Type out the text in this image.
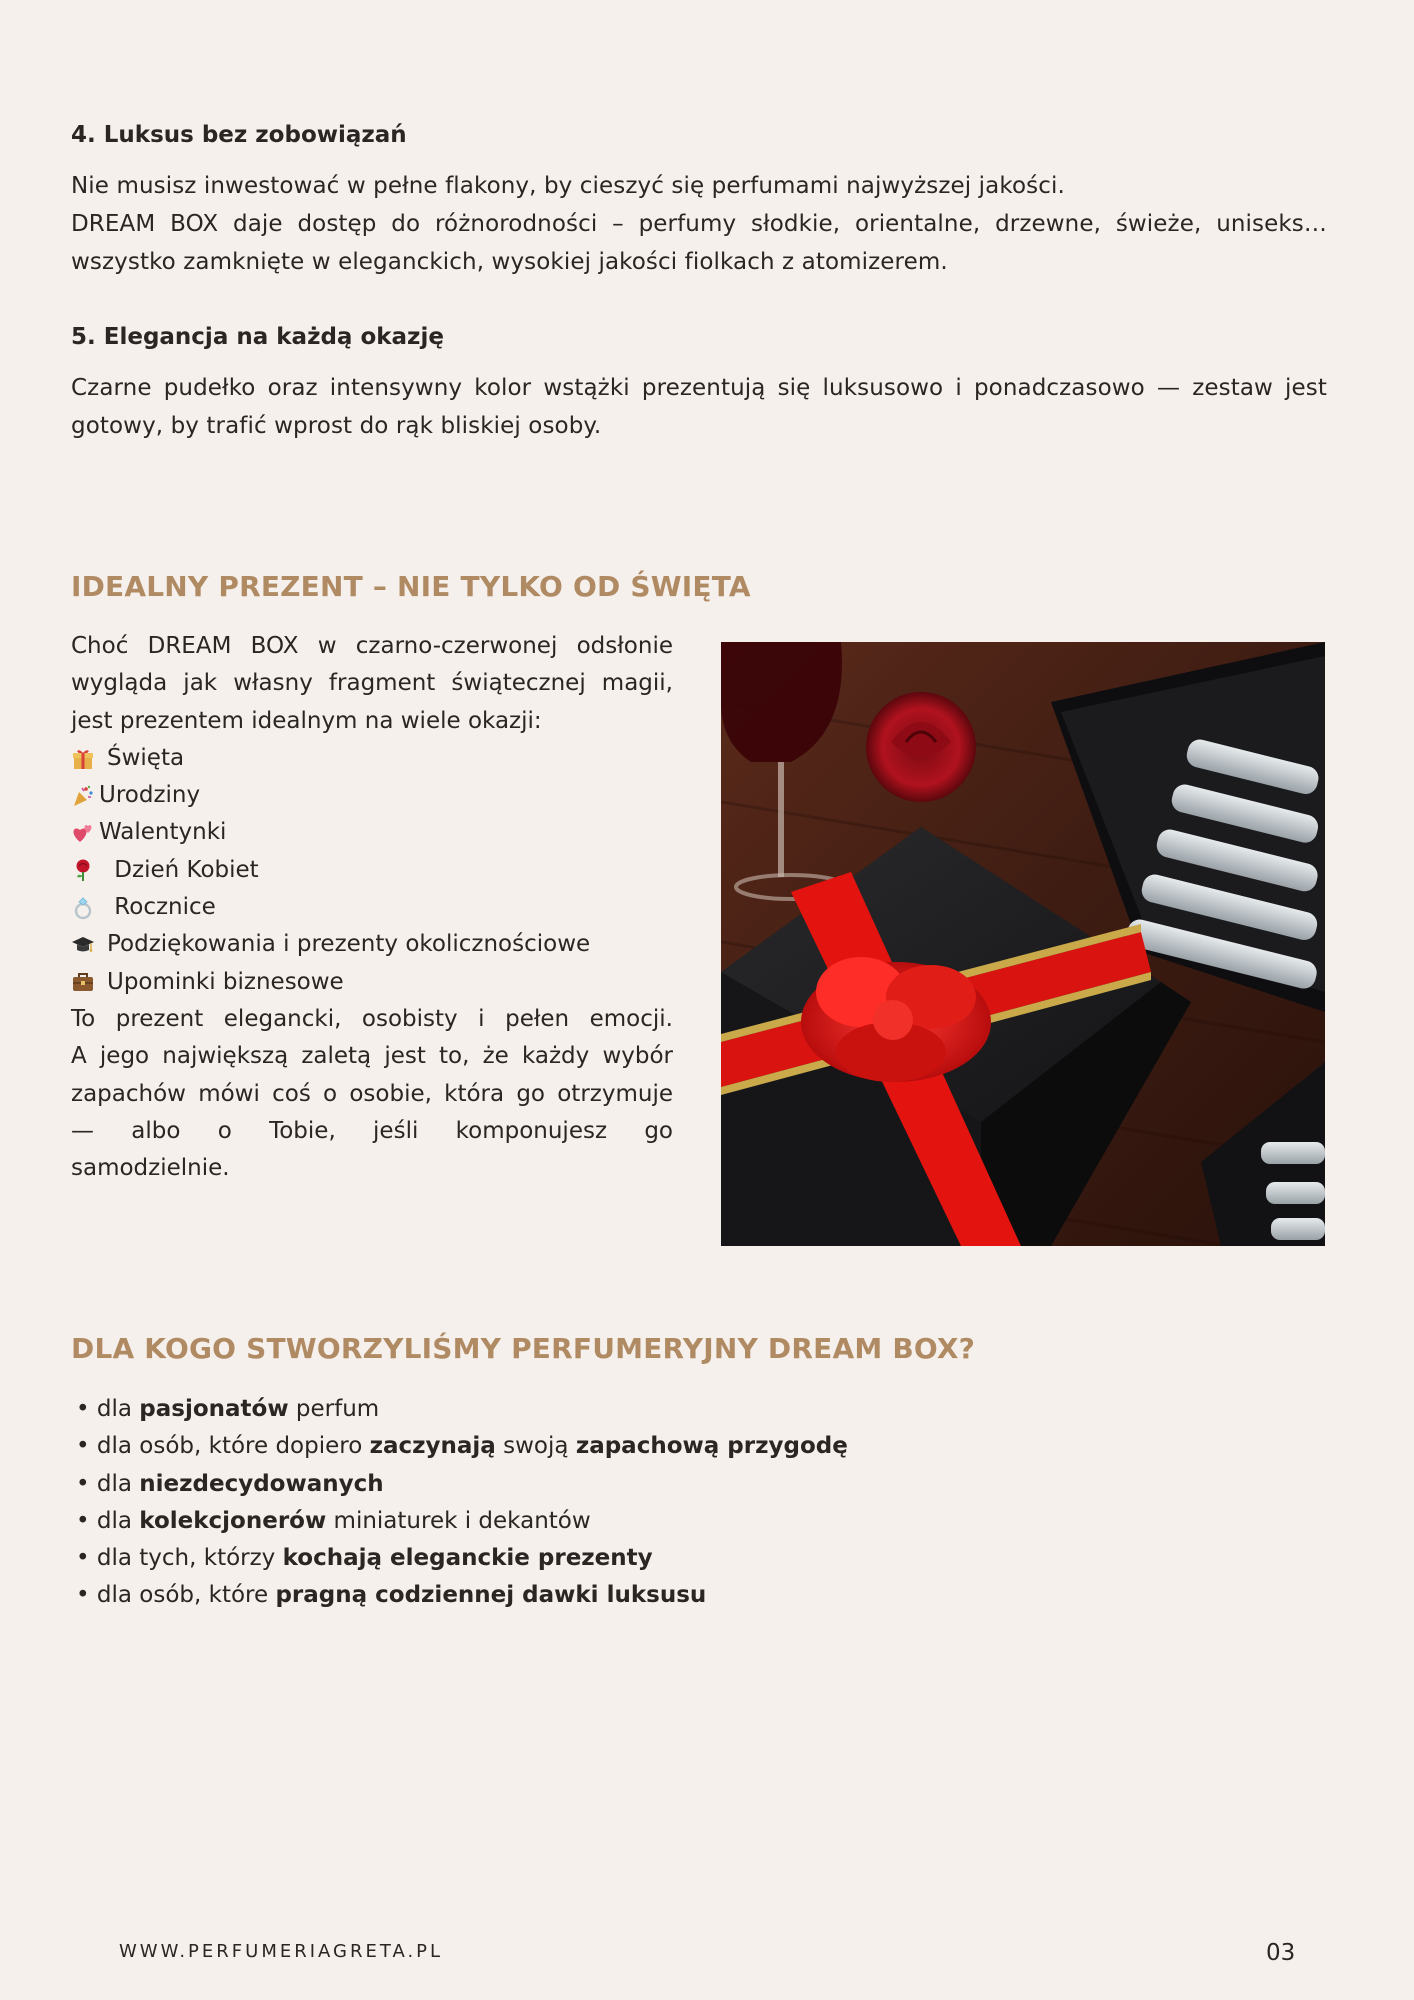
4. Luksus bez zobowiązań

Nie musisz inwestować w pełne flakony, by cieszyć się perfumami najwyższej jakości.
DREAM BOX daje dostęp do różnorodności – perfumy słodkie, orientalne, drzewne, świeże, uniseks…
wszystko zamknięte w eleganckich, wysokiej jakości fiolkach z atomizerem.

5. Elegancja na każdą okazję

Czarne pudełko oraz intensywny kolor wstążki prezentują się luksusowo i ponadczasowo — zestaw jest
gotowy, by trafić wprost do rąk bliskiej osoby.

IDEALNY PREZENT – NIE TYLKO OD ŚWIĘTA
Choć DREAM BOX w czarno-czerwonej odsłonie
wygląda jak własny fragment świątecznej magii,
jest prezentem idealnym na wiele okazji:
Święta
Urodziny
Walentynki
Dzień Kobiet
Rocznice
Podziękowania i prezenty okolicznościowe
Upominki biznesowe
To prezent elegancki, osobisty i pełen emocji.
A jego największą zaletą jest to, że każdy wybór
zapachów mówi coś o osobie, która go otrzymuje
— albo o Tobie, jeśli komponujesz go
samodzielnie.
DLA KOGO STWORZYLIŚMY PERFUMERYJNY DREAM BOX?
• dla pasjonatów perfum
• dla osób, które dopiero zaczynają swoją zapachową przygodę
• dla niezdecydowanych
• dla kolekcjonerów miniaturek i dekantów
• dla tych, którzy kochają eleganckie prezenty
• dla osób, które pragną codziennej dawki luksusu
WWW.PERFUMERIAGRETA.PL	03
